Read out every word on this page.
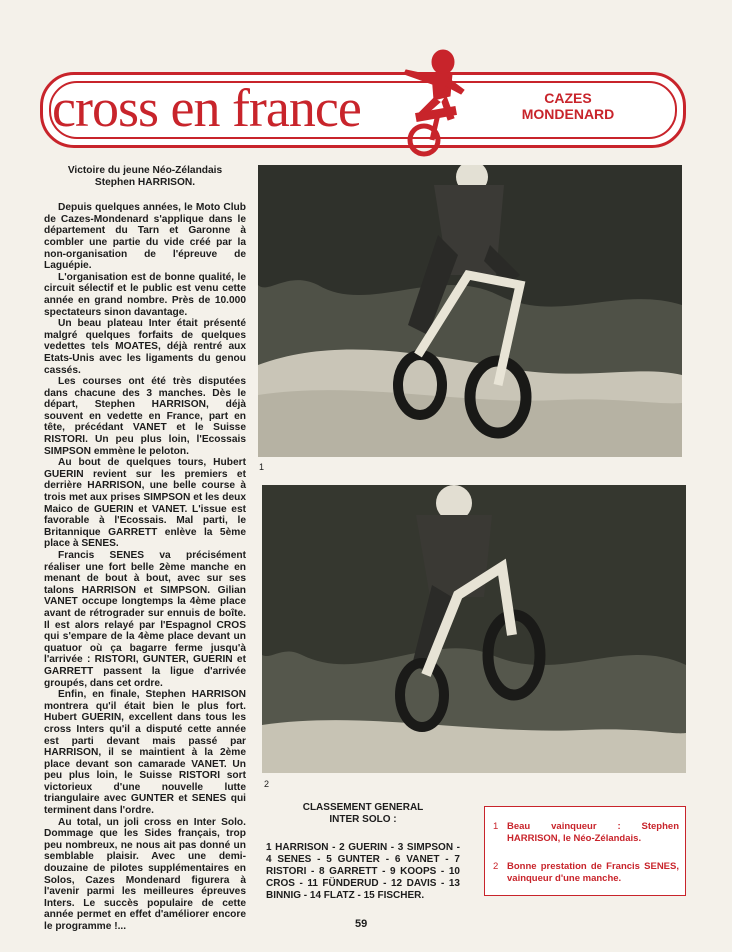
cross en france	CAZES
MONDENARD
Victoire du jeune Néo-Zélandais
Stephen HARRISON.

Depuis quelques années, le Moto Club de Cazes-Mondenard s'applique dans le département du Tarn et Garonne à combler une partie du vide créé par la non-organisation de l'épreuve de Laguépie.

L'organisation est de bonne qualité, le circuit sélectif et le public est venu cette année en grand nombre. Près de 10.000 spectateurs sinon davantage.

Un beau plateau Inter était présenté malgré quelques forfaits de quelques vedettes tels MOATES, déjà rentré aux Etats-Unis avec les ligaments du genou cassés.

Les courses ont été très disputées dans chacune des 3 manches. Dès le départ, Stephen HARRISON, déjà souvent en vedette en France, part en tête, précédant VANET et le Suisse RISTORI. Un peu plus loin, l'Ecossais SIMPSON emmène le peloton.

Au bout de quelques tours, Hubert GUERIN revient sur les premiers et derrière HARRISON, une belle course à trois met aux prises SIMPSON et les deux Maico de GUERIN et VANET. L'issue est favorable à l'Ecossais. Mal parti, le Britannique GARRETT enlève la 5ème place à SENES.

Francis SENES va précisément réaliser une fort belle 2ème manche en menant de bout à bout, avec sur ses talons HARRISON et SIMPSON. Gilian VANET occupe longtemps la 4ème place avant de rétrograder sur ennuis de boîte. Il est alors relayé par l'Espagnol CROS qui s'empare de la 4ème place devant un quatuor où ça bagarre ferme jusqu'à l'arrivée : RISTORI, GUNTER, GUERIN et GARRETT passent la ligue d'arrivée groupés, dans cet ordre.

Enfin, en finale, Stephen HARRISON montrera qu'il était bien le plus fort. Hubert GUERIN, excellent dans tous les cross Inters qu'il a disputé cette année est parti devant mais passé par HARRISON, il se maintient à la 2ème place devant son camarade VANET. Un peu plus loin, le Suisse RISTORI sort victorieux d'une nouvelle lutte triangulaire avec GUNTER et SENES qui terminent dans l'ordre.

Au total, un joli cross en Inter Solo. Dommage que les Sides français, trop peu nombreux, ne nous ait pas donné un semblable plaisir. Avec une demi-douzaine de pilotes supplémentaires en Solos, Cazes Mondenard figurera à l'avenir parmi les meilleures épreuves Inters. Le succès populaire de cette année permet en effet d'améliorer encore le programme !...

1
2
CLASSEMENT GENERAL
INTER SOLO :
1 HARRISON - 2 GUERIN - 3 SIMPSON - 4 SENES - 5 GUNTER - 6 VANET - 7 RISTORI - 8 GARRETT - 9 KOOPS - 10 CROS - 11 FÜNDERUD - 12 DAVIS - 13 BINNIG - 14 FLATZ - 15 FISCHER.
1 Beau vainqueur : Stephen HARRISON, le Néo-Zélandais.
2 Bonne prestation de Francis SENES, vainqueur d'une manche.
59
